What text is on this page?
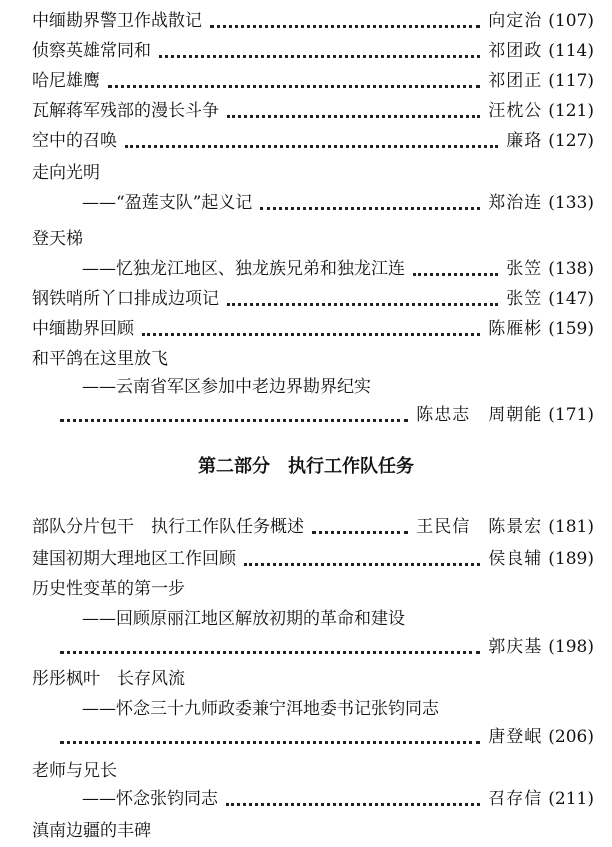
中缅勘界警卫作战散记	向定治 (107)
侦察英雄常同和	祁团政 (114)
哈尼雄鹰	祁团正 (117)
瓦解蒋军残部的漫长斗争	汪枕公 (121)
空中的召唤	廉珞 (127)
走向光明
——“盈莲支队”起义记	郑治连 (133)
登天梯
——忆独龙江地区、独龙族兄弟和独龙江连	张笠 (138)
钢铁哨所丫口排成边项记	张笠 (147)
中缅勘界回顾	陈雁彬 (159)
和平鸽在这里放飞
——云南省军区参加中老边界勘界纪实
陈忠志　周朝能 (171)
第二部分　执行工作队任务
部队分片包干　执行工作队任务概述	王民信　陈景宏 (181)
建国初期大理地区工作回顾	侯良辅 (189)
历史性变革的第一步
——回顾原丽江地区解放初期的革命和建设
郭庆基 (198)
彤彤枫叶　长存风流
——怀念三十九师政委兼宁洱地委书记张钧同志
唐登岷 (206)
老师与兄长
——怀念张钧同志	召存信 (211)
滇南边疆的丰碑
